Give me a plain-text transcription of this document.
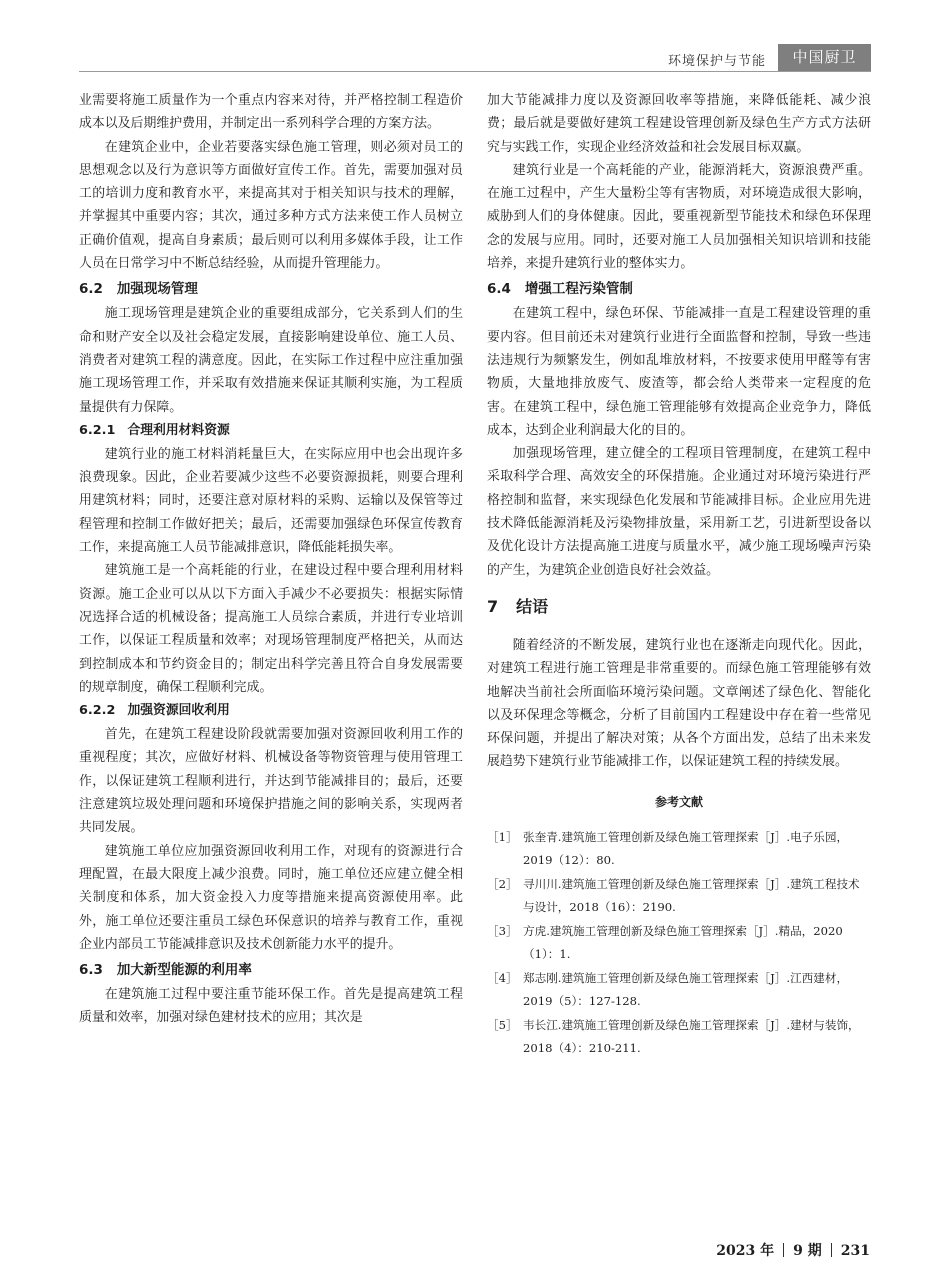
环境保护与节能	中国厨卫

业需要将施工质量作为一个重点内容来对待，并严格控制工程造价成本以及后期维护费用，并制定出一系列科学合理的方案方法。

在建筑企业中，企业若要落实绿色施工管理，则必须对员工的思想观念以及行为意识等方面做好宣传工作。首先，需要加强对员工的培训力度和教育水平，来提高其对于相关知识与技术的理解，并掌握其中重要内容；其次，通过多种方式方法来使工作人员树立正确价值观，提高自身素质；最后则可以利用多媒体手段，让工作人员在日常学习中不断总结经验，从而提升管理能力。

6.2 加强现场管理

施工现场管理是建筑企业的重要组成部分，它关系到人们的生命和财产安全以及社会稳定发展，直接影响建设单位、施工人员、消费者对建筑工程的满意度。因此，在实际工作过程中应注重加强施工现场管理工作，并采取有效措施来保证其顺利实施，为工程质量提供有力保障。

6.2.1 合理利用材料资源

建筑行业的施工材料消耗量巨大，在实际应用中也会出现许多浪费现象。因此，企业若要减少这些不必要资源损耗，则要合理利用建筑材料；同时，还要注意对原材料的采购、运输以及保管等过程管理和控制工作做好把关；最后，还需要加强绿色环保宣传教育工作，来提高施工人员节能减排意识，降低能耗损失率。

建筑施工是一个高耗能的行业，在建设过程中要合理利用材料资源。施工企业可以从以下方面入手减少不必要损失：根据实际情况选择合适的机械设备；提高施工人员综合素质，并进行专业培训工作，以保证工程质量和效率；对现场管理制度严格把关，从而达到控制成本和节约资金目的；制定出科学完善且符合自身发展需要的规章制度，确保工程顺利完成。

6.2.2 加强资源回收利用

首先，在建筑工程建设阶段就需要加强对资源回收利用工作的重视程度；其次，应做好材料、机械设备等物资管理与使用管理工作，以保证建筑工程顺利进行，并达到节能减排目的；最后，还要注意建筑垃圾处理问题和环境保护措施之间的影响关系，实现两者共同发展。

建筑施工单位应加强资源回收利用工作，对现有的资源进行合理配置，在最大限度上减少浪费。同时，施工单位还应建立健全相关制度和体系，加大资金投入力度等措施来提高资源使用率。此外，施工单位还要注重员工绿色环保意识的培养与教育工作，重视企业内部员工节能减排意识及技术创新能力水平的提升。

6.3 加大新型能源的利用率

在建筑施工过程中要注重节能环保工作。首先是提高建筑工程质量和效率，加强对绿色建材技术的应用；其次是

加大节能减排力度以及资源回收率等措施，来降低能耗、减少浪费；最后就是要做好建筑工程建设管理创新及绿色生产方式方法研究与实践工作，实现企业经济效益和社会发展目标双赢。

建筑行业是一个高耗能的产业，能源消耗大，资源浪费严重。在施工过程中，产生大量粉尘等有害物质，对环境造成很大影响，威胁到人们的身体健康。因此，要重视新型节能技术和绿色环保理念的发展与应用。同时，还要对施工人员加强相关知识培训和技能培养，来提升建筑行业的整体实力。

6.4 增强工程污染管制

在建筑工程中，绿色环保、节能减排一直是工程建设管理的重要内容。但目前还未对建筑行业进行全面监督和控制，导致一些违法违规行为频繁发生，例如乱堆放材料，不按要求使用甲醛等有害物质，大量地排放废气、废渣等，都会给人类带来一定程度的危害。在建筑工程中，绿色施工管理能够有效提高企业竞争力，降低成本，达到企业利润最大化的目的。

加强现场管理，建立健全的工程项目管理制度，在建筑工程中采取科学合理、高效安全的环保措施。企业通过对环境污染进行严格控制和监督，来实现绿色化发展和节能减排目标。企业应用先进技术降低能源消耗及污染物排放量，采用新工艺，引进新型设备以及优化设计方法提高施工进度与质量水平，减少施工现场噪声污染的产生，为建筑企业创造良好社会效益。

7 结语

随着经济的不断发展，建筑行业也在逐渐走向现代化。因此，对建筑工程进行施工管理是非常重要的。而绿色施工管理能够有效地解决当前社会所面临环境污染问题。文章阐述了绿色化、智能化以及环保理念等概念，分析了目前国内工程建设中存在着一些常见环保问题，并提出了解决对策；从各个方面出发，总结了出未来发展趋势下建筑行业节能减排工作，以保证建筑工程的持续发展。

参考文献

［1］ 张奎青.建筑施工管理创新及绿色施工管理探索［J］.电子乐园，2019（12）：80.

［2］ 寻川川.建筑施工管理创新及绿色施工管理探索［J］.建筑工程技术与设计，2018（16）：2190.

［3］ 方虎.建筑施工管理创新及绿色施工管理探索［J］.精品，2020（1）：1.

［4］ 郑志刚.建筑施工管理创新及绿色施工管理探索［J］.江西建材，2019（5）：127-128.

［5］ 韦长江.建筑施工管理创新及绿色施工管理探索［J］.建材与装饰，2018（4）：210-211.

2023 年 9 期 231
